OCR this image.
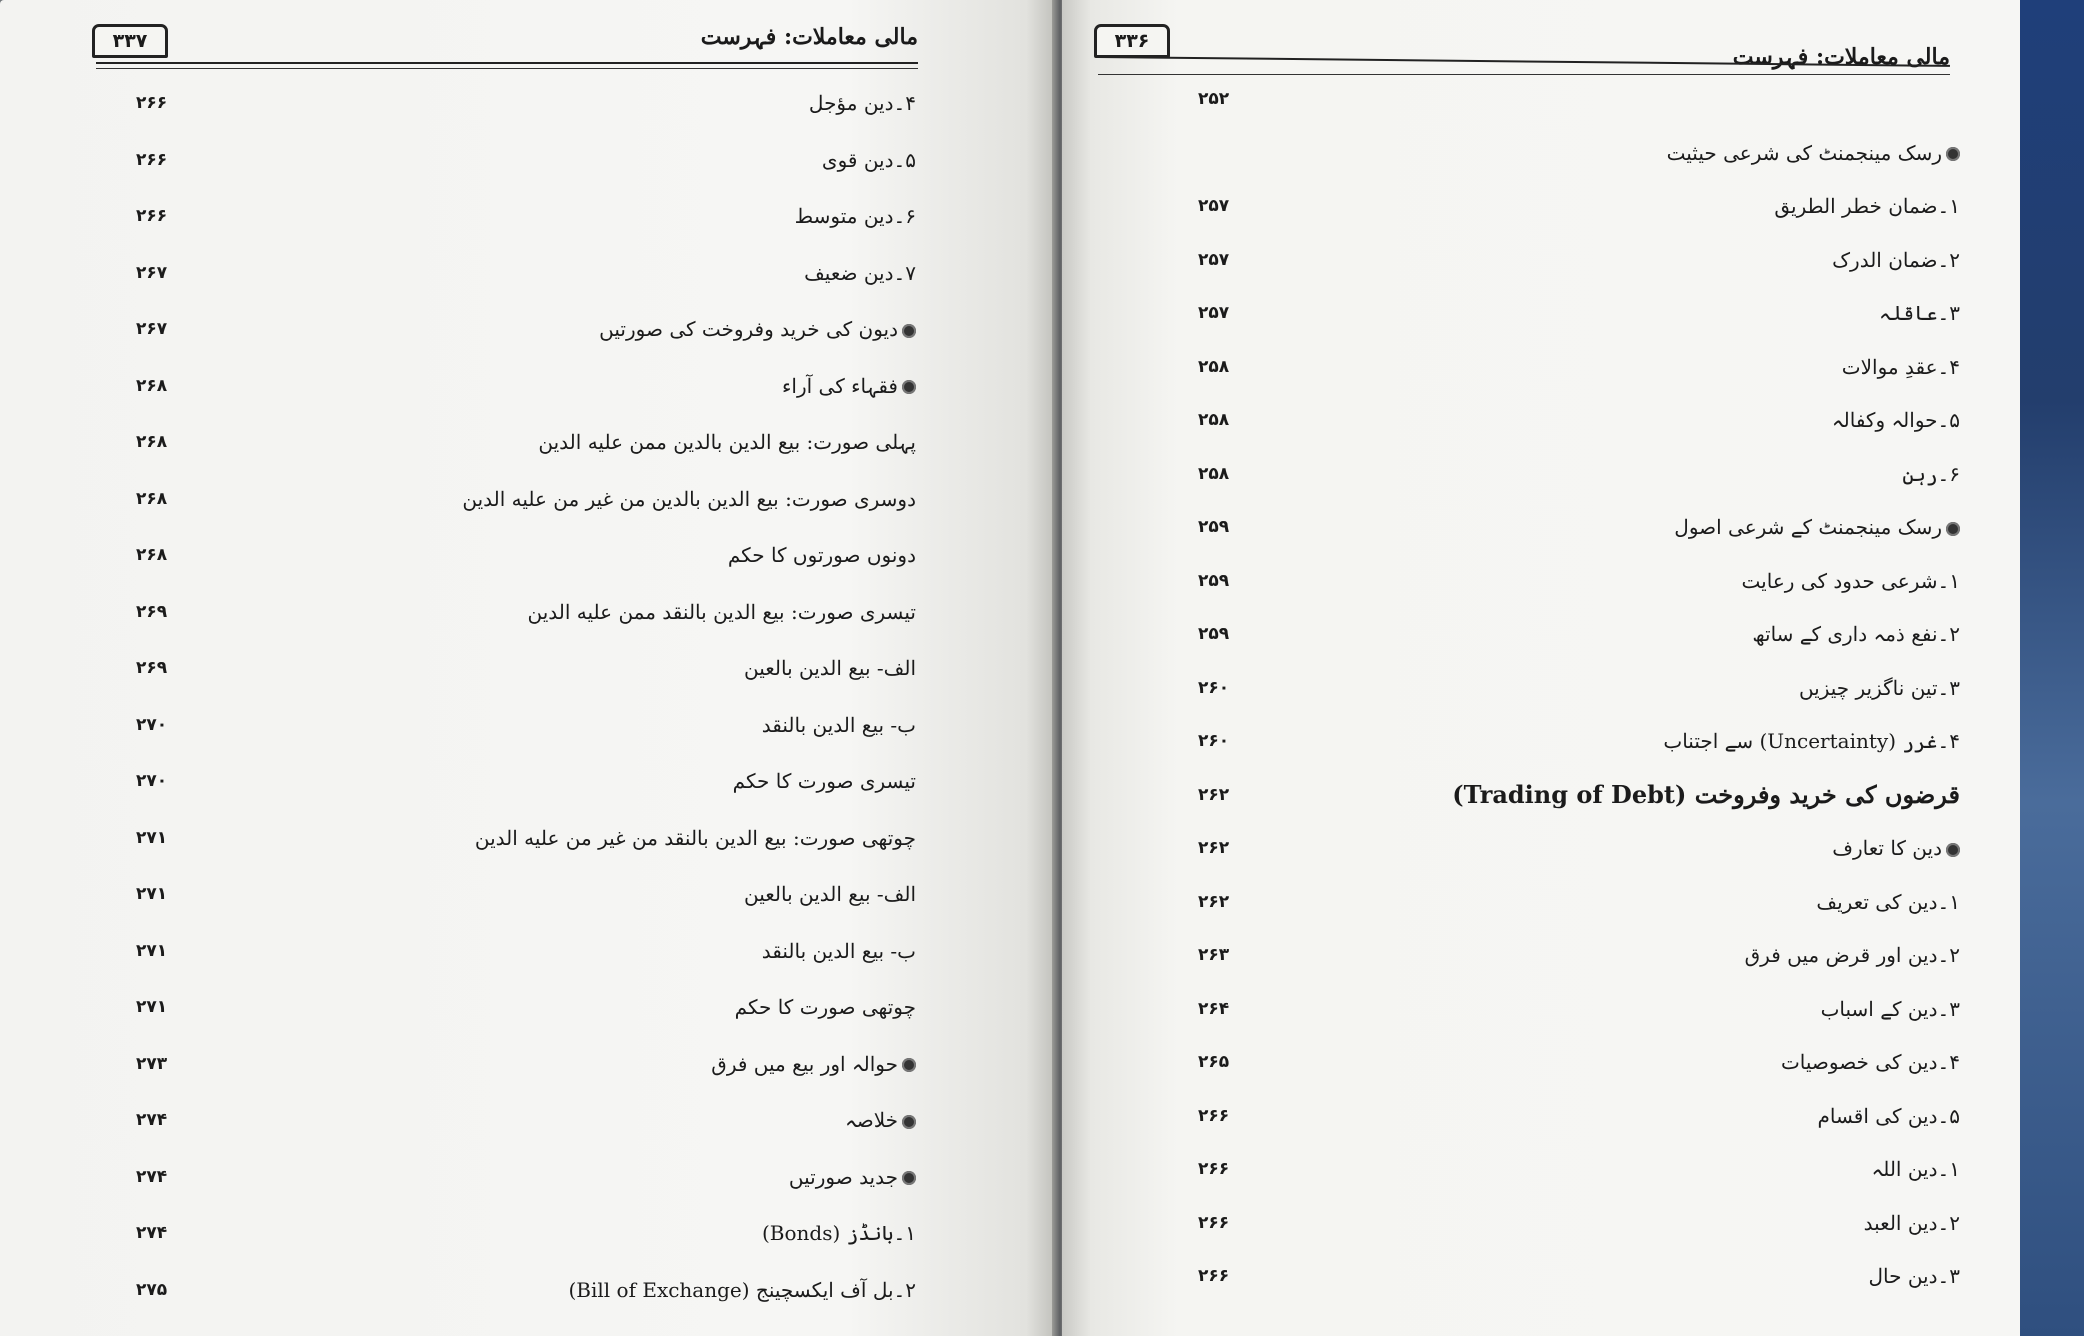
۳۳۷	مالی معاملات: فہرست
۴۔دین مؤجل
۲۶۶
۵۔دین قوی
۲۶۶
۶۔دین متوسط
۲۶۶
۷۔دین ضعیف
۲۶۷
دیون کی خرید وفروخت کی صورتیں
۲۶۷
فقہاء کی آراء
۲۶۸
پہلی صورت: بیع الدین بالدین ممن علیه الدین
۲۶۸
دوسری صورت: بیع الدین بالدین من غیر من علیه الدین
۲۶۸
دونوں صورتوں کا حکم
۲۶۸
تیسری صورت: بیع الدین بالنقد ممن علیه الدین
۲۶۹
الف- بیع الدین بالعین
۲۶۹
ب- بیع الدین بالنقد
۲۷۰
تیسری صورت کا حکم
۲۷۰
چوتھی صورت: بیع الدین بالنقد من غیر من علیه الدین
۲۷۱
الف- بیع الدین بالعین
۲۷۱
ب- بیع الدین بالنقد
۲۷۱
چوتھی صورت کا حکم
۲۷۱
حوالہ اور بیع میں فرق
۲۷۳
خلاصہ
۲۷۴
جدید صورتیں
۲۷۴
۱۔بانڈز (Bonds)
۲۷۴
۲۔بل آف ایکسچینج (Bill of Exchange)
۲۷۵
۳۳۶
مالی معاملات: فہرست
۲۵۲
رسک مینجمنٹ کی شرعی حیثیت
۱۔ضمان خطر الطریق
۲۵۷
۲۔ضمان الدرک
۲۵۷
۳۔عاقلہ
۲۵۷
۴۔عقدِ موالات
۲۵۸
۵۔حوالہ وکفالہ
۲۵۸
۶۔رہن
۲۵۸
رسک مینجمنٹ کے شرعی اصول
۲۵۹
۱۔شرعی حدود کی رعایت
۲۵۹
۲۔نفع ذمہ داری کے ساتھ
۲۵۹
۳۔تین ناگزیر چیزیں
۲۶۰
۴۔غرر (Uncertainty) سے اجتناب
۲۶۰
قرضوں کی خرید وفروخت (Trading of Debt)
۲۶۲
دین کا تعارف
۲۶۲
۱۔دین کی تعریف
۲۶۲
۲۔دین اور قرض میں فرق
۲۶۳
۳۔دین کے اسباب
۲۶۴
۴۔دین کی خصوصیات
۲۶۵
۵۔دین کی اقسام
۲۶۶
۱۔دین اللہ
۲۶۶
۲۔دین العبد
۲۶۶
۳۔دین حال
۲۶۶
